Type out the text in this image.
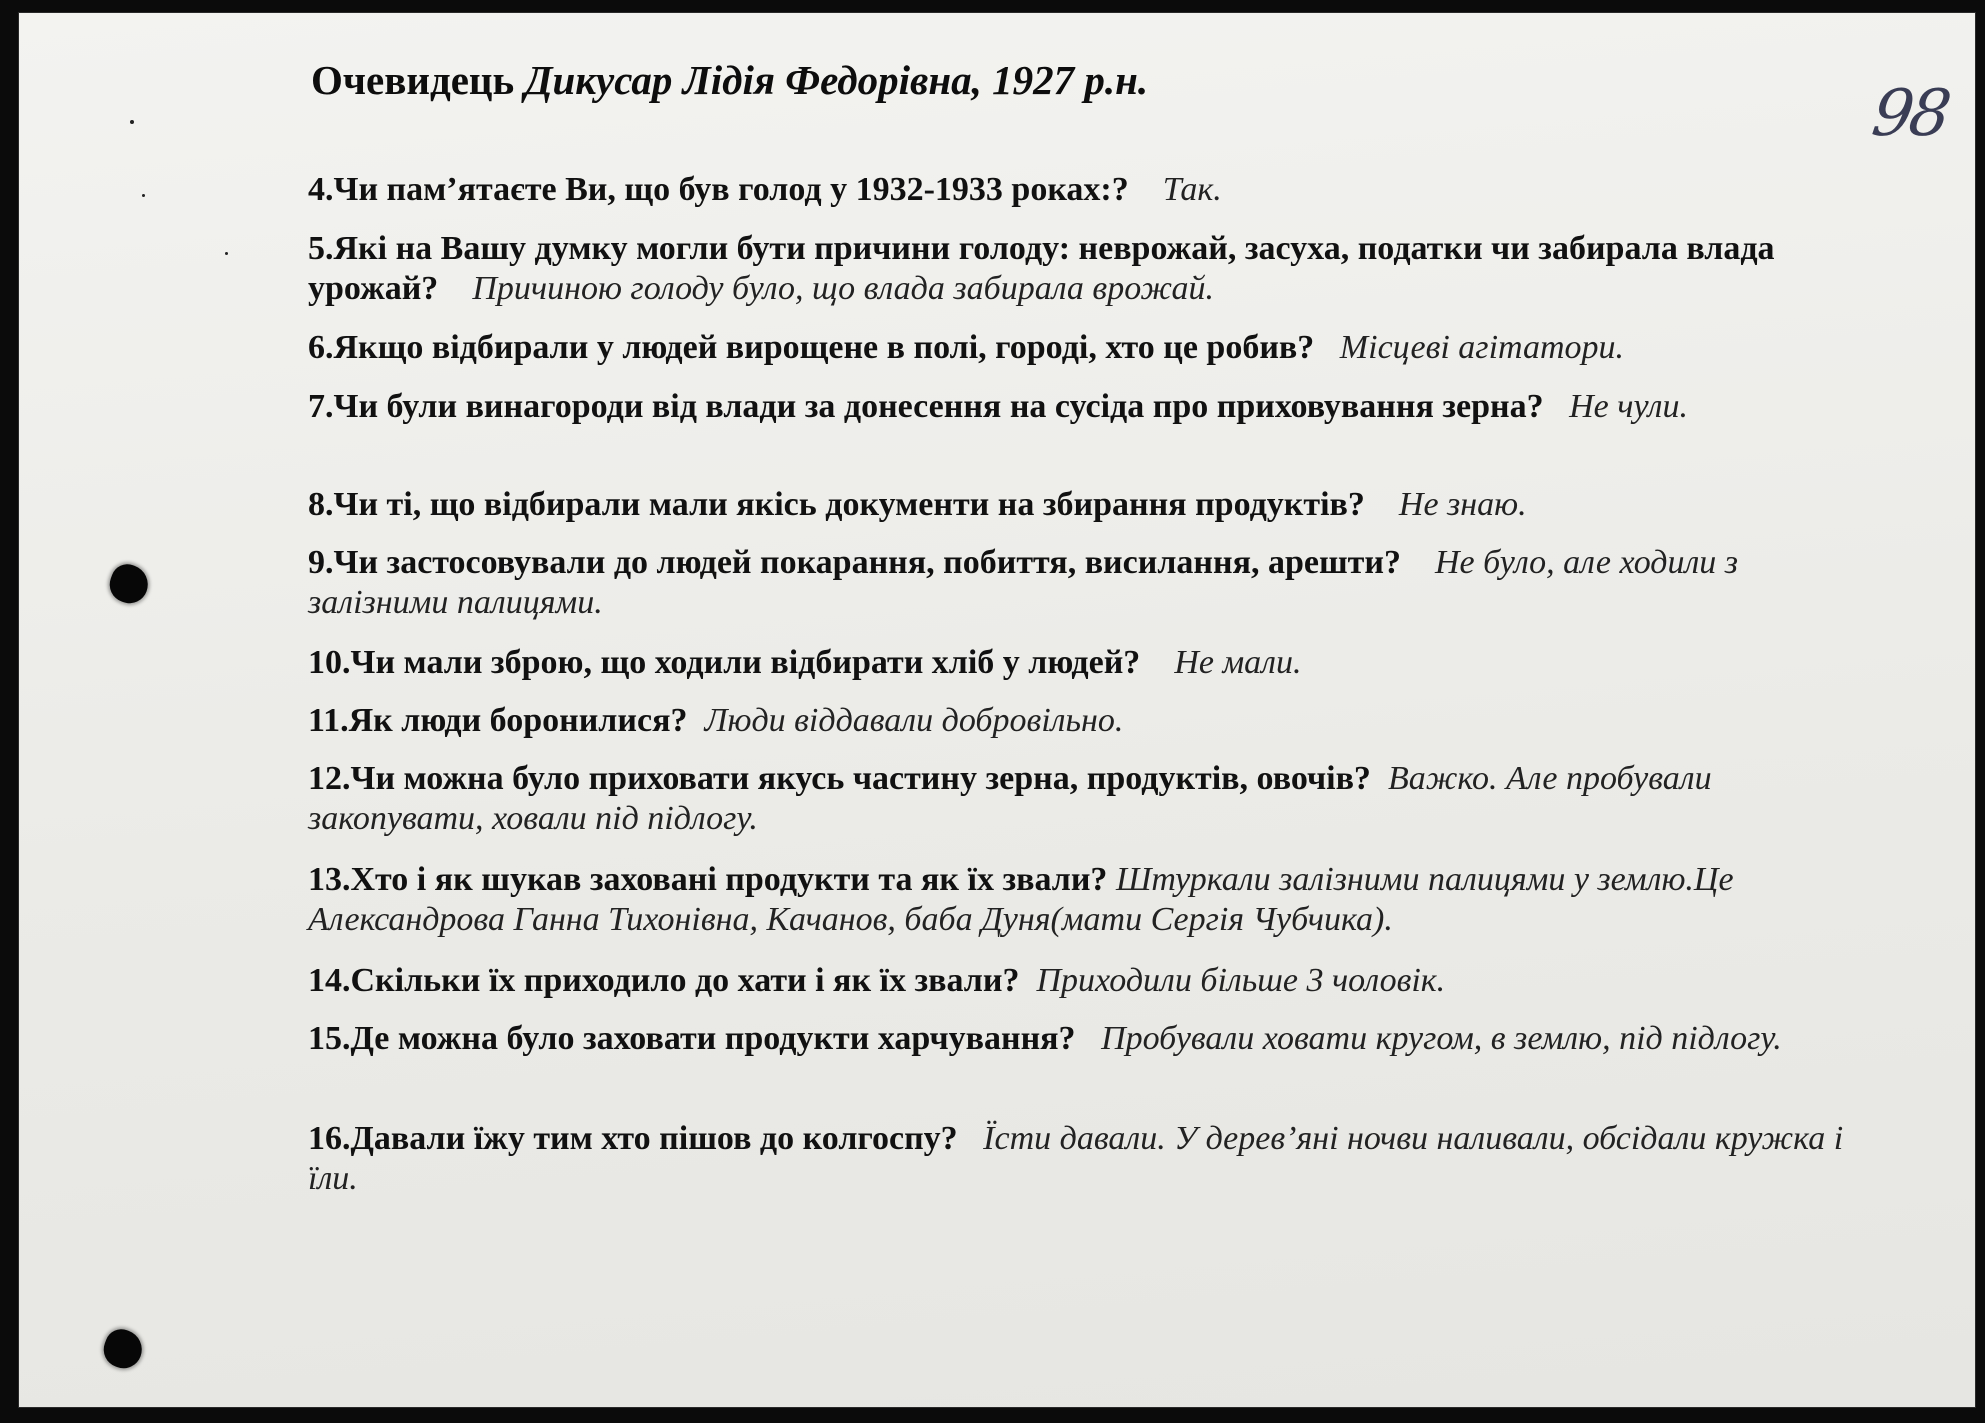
Очевидець Дикусар Лідія Федорівна, 1927 р.н.	98
4.Чи пам’ятаєте Ви, що був голод у 1932-1933 роках:? Так.
5.Які на Вашу думку могли бути причини голоду: неврожай, засуха, податки чи забирала влада урожай? Причиною голоду було, що влада забирала врожай.
6.Якщо відбирали у людей вирощене в полі, городі, хто це робив? Місцеві агітатори.
7.Чи були винагороди від влади за донесення на сусіда про приховування зерна? Не чули.
8.Чи ті, що відбирали мали якісь документи на збирання продуктів? Не знаю.
9.Чи застосовували до людей покарання, побиття, висилання, арешти? Не було, але ходили з залізними палицями.
10.Чи мали зброю, що ходили відбирати хліб у людей? Не мали.
11.Як люди боронилися? Люди віддавали добровільно.
12.Чи можна було приховати якусь частину зерна, продуктів, овочів? Важко. Але пробували закопувати, ховали під підлогу.
13.Хто і як шукав заховані продукти та як їх звали? Штуркали залізними палицями у землю.Це Александрова Ганна Тихонівна, Качанов, баба Дуня(мати Сергія Чубчика).
14.Скільки їх приходило до хати і як їх звали? Приходили більше 3 чоловік.
15.Де можна було заховати продукти харчування? Пробували ховати кругом, в землю, під підлогу.
16.Давали їжу тим хто пішов до колгоспу? Їсти давали. У дерев’яні ночви наливали, обсідали кружка і їли.
